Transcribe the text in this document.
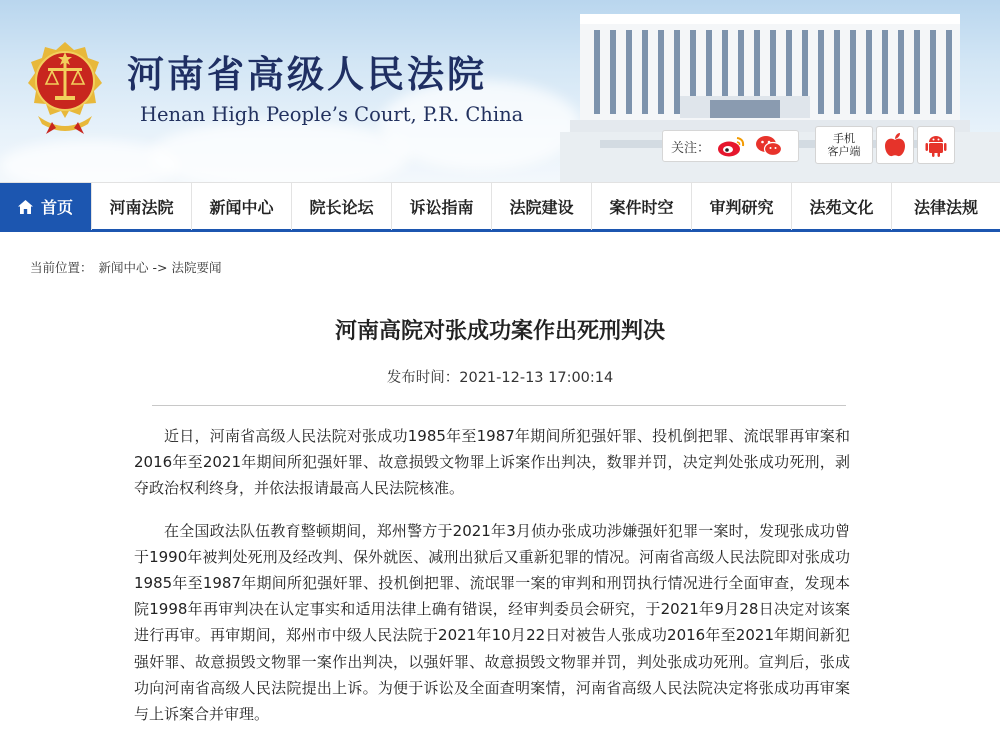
河南省高级人民法院
Henan High People’s Court, P.R. China
关注：
手机
客户端
首页	河南法院	新闻中心	院长论坛	诉讼指南	法院建设	案件时空	审判研究	法苑文化	法律法规
当前位置： 新闻中心 -> 法院要闻
河南高院对张成功案作出死刑判决
发布时间：2021-12-13 17:00:14

近日，河南省高级人民法院对张成功1985年至1987年期间所犯强奸罪、投机倒把罪、流氓罪再审案和2016年至2021年期间所犯强奸罪、故意损毁文物罪上诉案作出判决，数罪并罚，决定判处张成功死刑，剥夺政治权利终身，并依法报请最高人民法院核准。

在全国政法队伍教育整顿期间，郑州警方于2021年3月侦办张成功涉嫌强奸犯罪一案时，发现张成功曾于1990年被判处死刑及经改判、保外就医、减刑出狱后又重新犯罪的情况。河南省高级人民法院即对张成功1985年至1987年期间所犯强奸罪、投机倒把罪、流氓罪一案的审判和刑罚执行情况进行全面审查，发现本院1998年再审判决在认定事实和适用法律上确有错误，经审判委员会研究，于2021年9月28日决定对该案进行再审。再审期间，郑州市中级人民法院于2021年10月22日对被告人张成功2016年至2021年期间新犯强奸罪、故意损毁文物罪一案作出判决，以强奸罪、故意损毁文物罪并罚，判处张成功死刑。宣判后，张成功向河南省高级人民法院提出上诉。为便于诉讼及全面查明案情，河南省高级人民法院决定将张成功再审案与上诉案合并审理。
